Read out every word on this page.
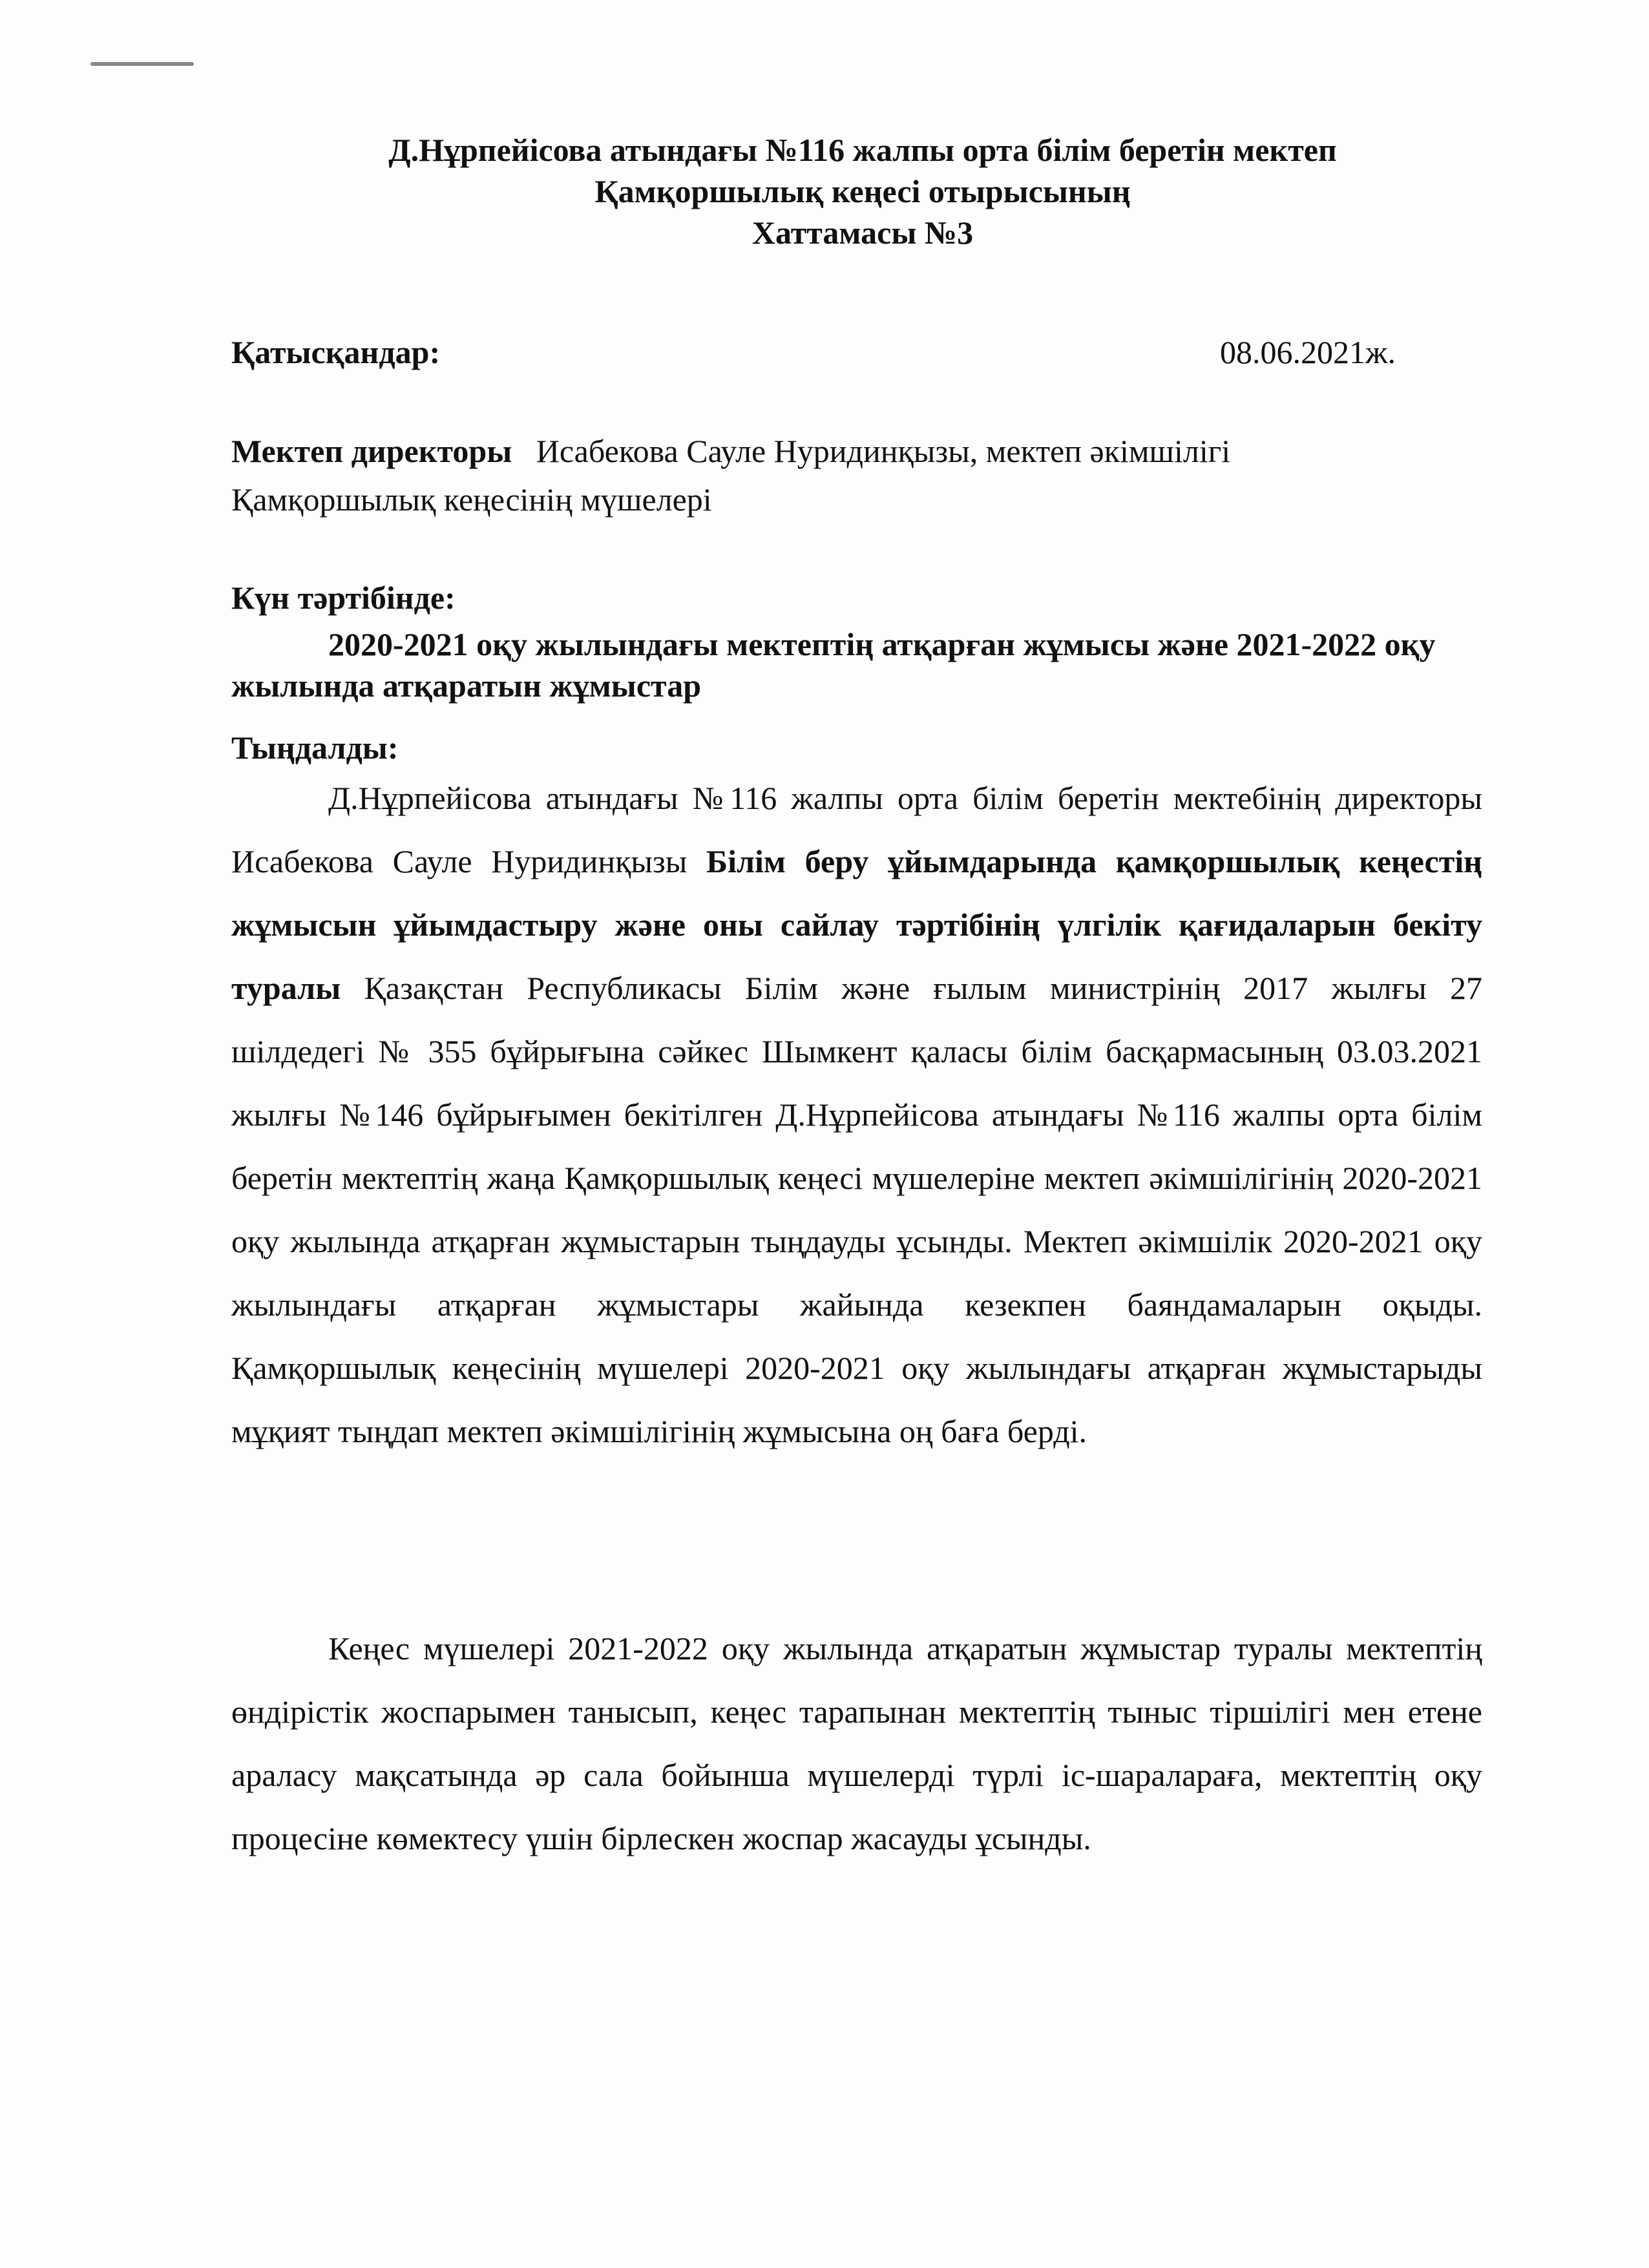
Д.Нұрпейісова атындағы №116 жалпы орта білім беретін мектеп
Қамқоршылық кеңесі отырысының
Хаттамасы №3
Қатысқандар:	08.06.2021ж.
Мектеп директоры Исабекова Сауле Нуридинқызы, мектеп әкімшілігі
Қамқоршылық кеңесінің мүшелері
Күн тәртібінде:
2020-2021 оқу жылындағы мектептің атқарған жұмысы және 2021-2022 оқу жылында атқаратын жұмыстар
Тыңдалды:
Д.Нұрпейісова атындағы №116 жалпы орта білім беретін мектебінің директоры Исабекова Сауле Нуридинқызы Білім беру ұйымдарында қамқоршылық кеңестің жұмысын ұйымдастыру және оны сайлау тәртібінің үлгілік қағидаларын бекіту туралы Қазақстан Республикасы Білім және ғылым министрінің 2017 жылғы 27 шілдедегі № 355 бұйрығына сәйкес Шымкент қаласы білім басқармасының 03.03.2021 жылғы №146 бұйрығымен бекітілген Д.Нұрпейісова атындағы №116 жалпы орта білім беретін мектептің жаңа Қамқоршылық кеңесі мүшелеріне мектеп әкімшілігінің 2020-2021 оқу жылында атқарған жұмыстарын тыңдауды ұсынды. Мектеп әкімшілік 2020-2021 оқу жылындағы атқарған жұмыстары жайында кезекпен баяндамаларын оқыды. Қамқоршылық кеңесінің мүшелері 2020-2021 оқу жылындағы атқарған жұмыстарыды мұқият тыңдап мектеп әкімшілігінің жұмысына оң баға берді.
Кеңес мүшелері 2021-2022 оқу жылында атқаратын жұмыстар туралы мектептің өндірістік жоспарымен танысып, кеңес тарапынан мектептің тыныс тіршілігі мен етене араласу мақсатында әр сала бойынша мүшелерді түрлі іс-шаралараға, мектептің оқу процесіне көмектесу үшін бірлескен жоспар жасауды ұсынды.
